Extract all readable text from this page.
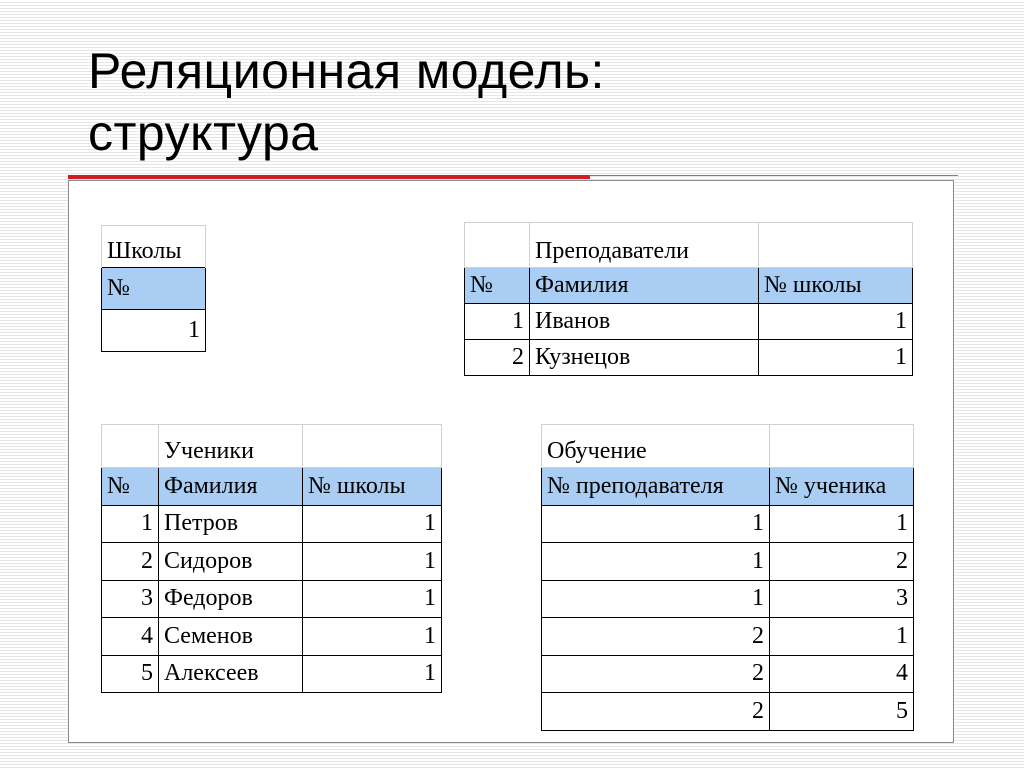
Реляционная модель:
структура
Школы
№
1
	Преподаватели	
№	Фамилия	№ школы
1	Иванов	1
2	Кузнецов	1
	Ученики	
№	Фамилия	№ школы
1	Петров	1
2	Сидоров	1
3	Федоров	1
4	Семенов	1
5	Алексеев	1
Обучение	
№ преподавателя	№ ученика
1	1
1	2
1	3
2	1
2	4
2	5
